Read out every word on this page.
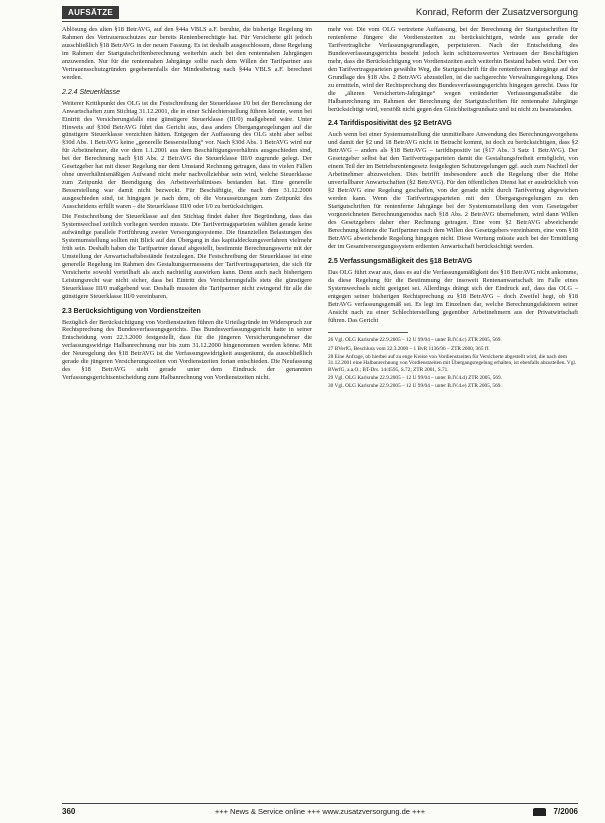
AUFSÄTZE	Konrad, Reform der Zusatzversorgung

Ablösung des alten §18 BetrAVG, auf den §44a VBLS a.F. beruhte, die bisherige Regelung im Rahmen des Vertrauensschutzes zur bereits Rentenberechtigte hat. Für Versicherte gilt jedoch ausschließlich §18 BetrAVG in der neuen Fassung. Es ist deshalb ausgeschlossen, diese Regelung im Rahmen der Startgutschriftenberechnung weiterhin auch bei den rentennahen Jahrgängen anzuwenden. Nur für die rentennahen Jahrgänge sollte nach dem Willen der Tarifpartner aus Vertrauensschutzgründen gegebenenfalls der Mindestbetrag nach §44a VBLS a.F. berechnet werden.

2.2.4 Steuerklasse

Weiterer Kritikpunkt des OLG ist die Festschreibung der Steuerklasse I/0 bei der Berechnung der Anwartschaften zum Stichtag 31.12.2001, die in einer Schlechterstellung führen könnte, wenn bei Eintritt des Versicherungsfalls eine günstigere Steuerklasse (III/0) maßgebend wäre. Unter Hinweis auf §30d BetrAVG führt das Gericht aus, dass anders Übergangsregelungen auf die günstigere Steuerklasse verzichten hätten. Entgegen der Auffassung des OLG steht aber selbst §30d Abs. 1 BetrAVG keine „generelle Besserstellung“ vor. Nach §30d Abs. 1 BetrAVG wird nur für Arbeitnehmer, die vor dem 1.1.2001 aus dem Beschäftigungsverhältnis ausgeschieden sind, bei der Berechnung nach §18 Abs. 2 BetrAVG die Steuerklasse III/0 zugrunde gelegt. Der Gesetzgeber hat mit dieser Regelung nur dem Umstand Rechnung getragen, dass in vielen Fällen ohne unverhältnismäßigen Aufwand nicht mehr nachvollziehbar sein wird, welche Steuerklasse zum Zeitpunkt der Beendigung des Arbeitsverhältnisses bestanden hat. Eine generelle Besserstellung war damit nicht bezweckt. Für Beschäftigte, die nach dem 31.12.2000 ausgeschieden sind, ist hingegen je nach dem, ob die Voraussetzungen zum Zeitpunkt des Ausscheidens erfüllt waren – die Steuerklasse III/0 oder I/0 zu berücksichtigen.

Die Festschreibung der Steuerklasse auf den Stichtag findet daher ihre Begründung, dass das Systemwechsel zeitlich vorliegen werden musste. Die Tarifvertragsparteien wählten gerade keine aufwändige parallele Fortführung zweier Versorgungssysteme. Die finanziellen Belastungen des Systemumstellung sollten mit Blick auf den Übergang in das kapitaldeckungsverfahren vielmehr früh sein. Deshalb haben die Tarifpartner darauf abgestellt, bestimmte Berechnungswerte mit der Umstellung der Anwartschaftsbestände festzulegen. Die Festschreibung der Steuerklasse ist eine generelle Regelung im Rahmen des Gestaltungsermessens der Tarifvertragsparteien, die sich für Versicherte sowohl vorteilhaft als auch nachteilig auswirken kann. Denn auch nach bisherigem Leistungsrecht war nicht sicher, dass bei Eintritt des Versicherungsfalls stets die günstigere Steuerklasse III/0 maßgebend war. Deshalb mussten die Tarifpartner nicht zwingend für alle die günstigere Steuerklasse III/0 vereinbaren.

2.3 Berücksichtigung von Vordienstzeiten

Bezüglich der Berücksichtigung von Vordienstzeiten führen die Urteilsgründe im Widerspruch zur Rechtsprechung des Bundesverfassungsgerichts. Das Bundesverfassungsgericht hatte in seiner Entscheidung vom 22.3.2000 festgestellt, dass für die jüngeren Versicherungsnehmer die verfassungswidrige Halbanrechnung nur bis zum 31.12.2000 hingenommen werden könne. Mit der Neuregelung des §18 BetrAVG ist die Verfassungswidrigkeit ausgeräumt, da ausschließlich gerade die jüngeren Versicherungszeiten von Vordienstzeiten fortan entschieden. Die Neufassung des §18 BetrAVG steht gerade unter dem Eindruck der genannten Verfassungsgerichtsentscheidung zum Halbanrechnung von Vordienstzeiten nicht.

mehr vor. Die vom OLG vertretene Auffassung, bei der Berechnung der Startgutschriften für rentenferne Jüngere die Vordienstzeiten zu berücksichtigen, würde aus gerade der Tarifvertragliche Verfassungsgrundlagen, perpetuieren. Nach der Entscheidung des Bundesverfassungsgerichts besteht jedoch kein schützenswertes Vertrauen der Beschäftigten mehr, dass die Berücksichtigung von Vordienstzeiten auch weiterhin Bestand haben wird. Der von den Tarifvertragsparteien gewählte Weg, die Startgutschrift für die rentenfernen Jahrgänge auf der Grundlage des §18 Abs. 2 BetrAVG abzustellen, ist die sachgerechte Verwaltungsregelung. Dies zu ermitteln, wird der Rechtsprechung des Bundesverfassungsgerichts hingegen gerecht. Dass für die „älteren Versicherten-Jahrgänge“ wegen veränderter Verfassungsmaßstäbe die Halbanrechnung im Rahmen der Berechnung der Startgutschriften für rentennahe Jahrgänge berücksichtigt wird, verstößt nicht gegen den Gleichheitsgrundsatz und ist nicht zu beanstanden.

2.4 Tarifdispositivität des §2 BetrAVG

Auch wenn bei einer Systemumstellung die unmittelbare Anwendung des Berechnungsvorgehens und damit der §2 und 18 BetrAVG nicht in Betracht kommt, ist doch zu berücksichtigen, dass §2 BetrAVG – anders als §18 BetrAVG – tarifdispositiv ist (§17 Abs. 3 Satz 1 BetrAVG). Der Gesetzgeber selbst hat den Tarifvertragsparteien damit die Gestaltungsfreiheit ermöglicht, von einem Teil der im Betriebsrentengesetz festgelegten Schutzregelungen ggf. auch zum Nachteil der Arbeitnehmer abzuweichen. Dies betrifft insbesondere auch die Regelung über die Höhe unverfallbarer Anwartschaften (§2 BetrAVG). Für den öffentlichen Dienst hat er ausdrücklich von §2 BetrAVG eine Regelung geschaffen, von der gerade nicht durch Tarifvertrag abgewichen werden kann. Wenn die Tarifvertragsparteien mit den Übergangsregelungen zu den Startgutschriften für rentenferne Jahrgänge bei der Systemumstellung den vom Gesetzgeber vorgezeichneten Berechnungsmodus nach §18 Abs. 2 BetrAVG übernehmen, wird dann Willen des Gesetzgebers daher eher Rechnung getragen. Eine vom §2 BetrAVG abweichende Berechnung könnte die Tarifpartner nach dem Willen des Gesetzgebers vereinbaren, eine vom §18 BetrAVG abweichende Regelung hingegen nicht. Diese Wertung müsste auch bei der Ermittlung der im Gesamtversorgungssystem erdienten Anwartschaft berücksichtigt werden.

2.5 Verfassungsmäßigkeit des §18 BetrAVG

Das OLG führt zwar aus, dass es auf die Verfassungsmäßigkeit des §18 BetrAVG nicht ankomme, da diese Regelung für die Bestimmung der insoweit Rentenanwartschaft im Falle eines Systemwechsels nicht geeignet sei. Allerdings drängt sich der Eindruck auf, dass das OLG – entgegen seiner bisherigen Rechtsprechung zu §18 BetrAVG – doch Zweifel hegt, ob §18 BetrAVG verfassungsgemäß sei. Es legt im Einzelnen dar, welche Berechnungsfaktoren seiner Ansicht nach zu einer Schlechterstellung gegenüber Arbeitnehmern aus der Privatwirtschaft führen. Das Gericht

26 Vgl. OLG Karlsruhe 22.9.2005 – 12 U 99/04 – unter B.IV.4.c) ZTR 2005, 569.

27 BVerfG, Beschluss vom 22.3.2000 – 1 BvR 1136/96 – ZTR 2000, 365 ff.

28 Eine Anfrage, ob hierbei auf zu enge Kreise von Vordienstzeiten für Versicherte abgestellt wird, die nach dem 31.12.2001 eine Halbanrechnung von Vordienstzeiten mit Übergangsregelung erhalten, ist ebenfalls abzustellen. Vgl. BVerfG, a.a.O.; BT-Drs. 14/4595, S.72; ZTR 2001, S.71.

29 Vgl. OLG Karlsruhe 22.9.2005 – 12 U 99/04 – unter B.IV.4.d) ZTR 2005, 569.

30 Vgl. OLG Karlsruhe 22.9.2005 – 12 U 99/04 – unter B.IV.4.e) ZTR 2005, 569.

360	+++ News & Service online +++ www.zusatzversorgung.de +++	7/2006
